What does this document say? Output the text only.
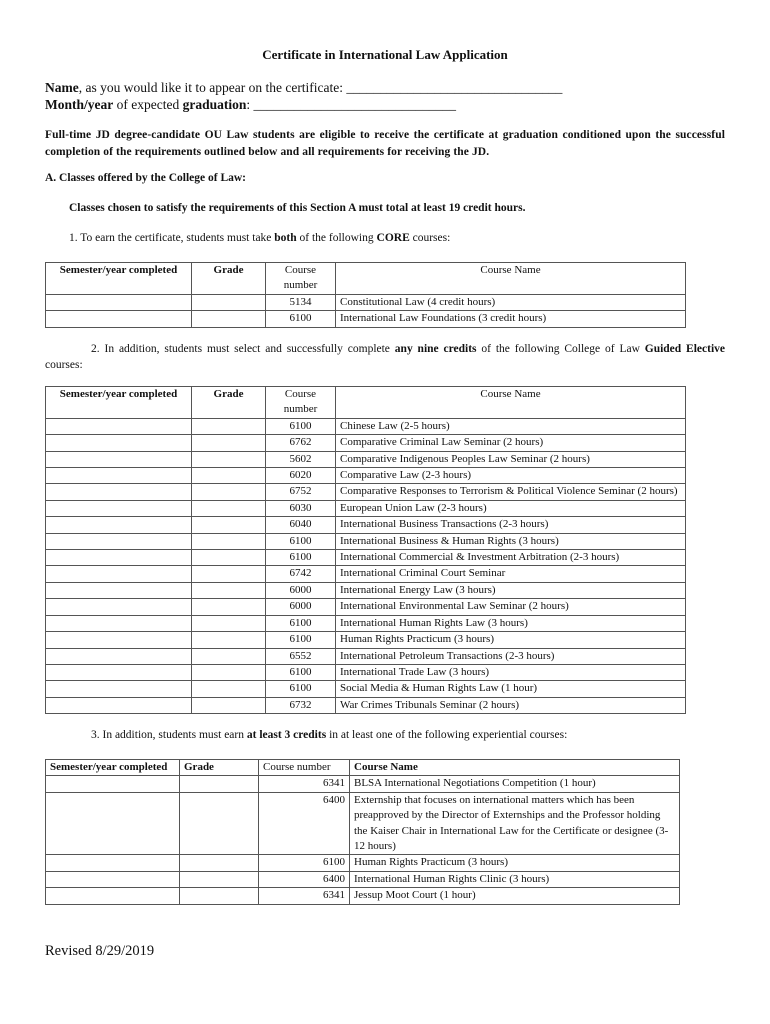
Certificate in International Law Application
Name, as you would like it to appear on the certificate: ________________________________
Month/year of expected graduation: ______________________________
Full-time JD degree-candidate OU Law students are eligible to receive the certificate at graduation conditioned upon the successful completion of the requirements outlined below and all requirements for receiving the JD.
A. Classes offered by the College of Law:
Classes chosen to satisfy the requirements of this Section A must total at least 19 credit hours.
1. To earn the certificate, students must take both of the following CORE courses:
Semester/year completed	Grade	Course number	Course Name
		5134	Constitutional Law (4 credit hours)
		6100	International Law Foundations (3 credit hours)
2. In addition, students must select and successfully complete any nine credits of the following College of Law Guided Elective courses:
Semester/year completed	Grade	Course number	Course Name
		6100	Chinese Law (2-5 hours)
		6762	Comparative Criminal Law Seminar (2 hours)
		5602	Comparative Indigenous Peoples Law Seminar (2 hours)
		6020	Comparative Law (2-3 hours)
		6752	Comparative Responses to Terrorism & Political Violence Seminar (2 hours)
		6030	European Union Law (2-3 hours)
		6040	International Business Transactions (2-3 hours)
		6100	International Business & Human Rights (3 hours)
		6100	International Commercial & Investment Arbitration (2-3 hours)
		6742	International Criminal Court Seminar
		6000	International Energy Law (3 hours)
		6000	International Environmental Law Seminar (2 hours)
		6100	International Human Rights Law (3 hours)
		6100	Human Rights Practicum (3 hours)
		6552	International Petroleum Transactions (2-3 hours)
		6100	International Trade Law (3 hours)
		6100	Social Media & Human Rights Law (1 hour)
		6732	War Crimes Tribunals Seminar (2 hours)
3. In addition, students must earn at least 3 credits in at least one of the following experiential courses:
Semester/year completed	Grade	Course number	Course Name
		6341	BLSA International Negotiations Competition (1 hour)
		6400	Externship that focuses on international matters which has been preapproved by the Director of Externships and the Professor holding the Kaiser Chair in International Law for the Certificate or designee (3-12 hours)
		6100	Human Rights Practicum (3 hours)
		6400	International Human Rights Clinic (3 hours)
		6341	Jessup Moot Court (1 hour)
Revised 8/29/2019
